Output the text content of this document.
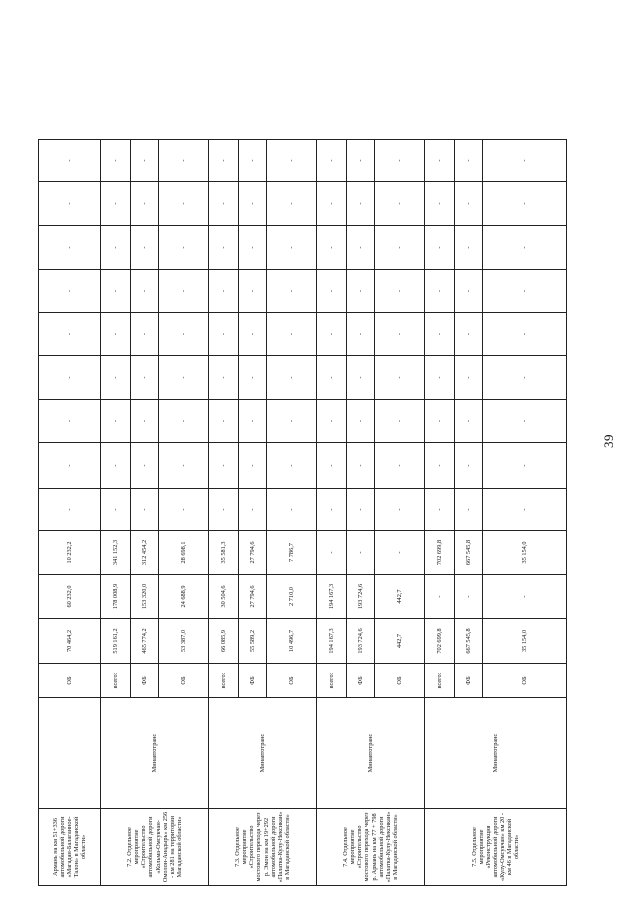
39
Армань на км 51+336 автомобильной дороги «Магадан-Балаганное-Талон» в Магаданской области»		ОБ	70 464,2	60 232,0	10 232,2	-	-	-	-	-	-	-	-	-
7.2. Отдельное мероприятие «Строительство автомобильной дороги «Кольма-Омсукчан-Омолон-Анадырь» км 256 - км 281 на территории Магаданской области»	Минавтотранс	всего:	519 161,2	178 008,9	341 152,3	-	-	-	-	-	-	-	-	-
		ФБ	465 774,2	153 320,0	312 454,2	-	-	-	-	-	-	-	-	-
		ОБ	53 387,0	24 688,9	28 698,1	-	-	-	-	-	-	-	-	-
7.3. Отдельное мероприятие «Строительство мостового перехода через р. Эмон на км 19+292 автомобильной дороги «Палатка-Кулу-Нексикан» в Магаданской области»	Минавтотранс	всего:	66 085,9	30 504,6	35 581,3	-	-	-	-	-	-	-	-	-
		ФБ	55 589,2	27 794,6	27 794,6	-	-	-	-	-	-	-	-	-
		ОБ	10 496,7	2 710,0	7 786,7	-	-	-	-	-	-	-	-	-
7.4. Отдельное мероприятие «Строительство мостового перехода через р. Армань на км 77 + 798 автомобильной дороги «Палатка-Кулу-Нексикан» в Магаданской области»	Минавтотранс	всего:	194 167,3	194 167,3	-	-	-	-	-	-	-	-	-	-
		ФБ	193 724,6	193 724,6	-	-	-	-	-	-	-	-	-	-
		ОБ	442,7	442,7	-	-	-	-	-	-	-	-	-	-
7.5. Отдельное мероприятие «Реконструкция автомобильной дороги «Кулу-Омсукчан» км 20 - км 46 в Магаданской области»	Минавтотранс	всего:	702 699,8	-	702 699,8	-	-	-	-	-	-	-	-	-
		ФБ	667 545,8	-	667 545,8	-	-	-	-	-	-	-	-	-
		ОБ	35 154,0	-	35 154,0	-	-	-	-	-	-	-	-	-
